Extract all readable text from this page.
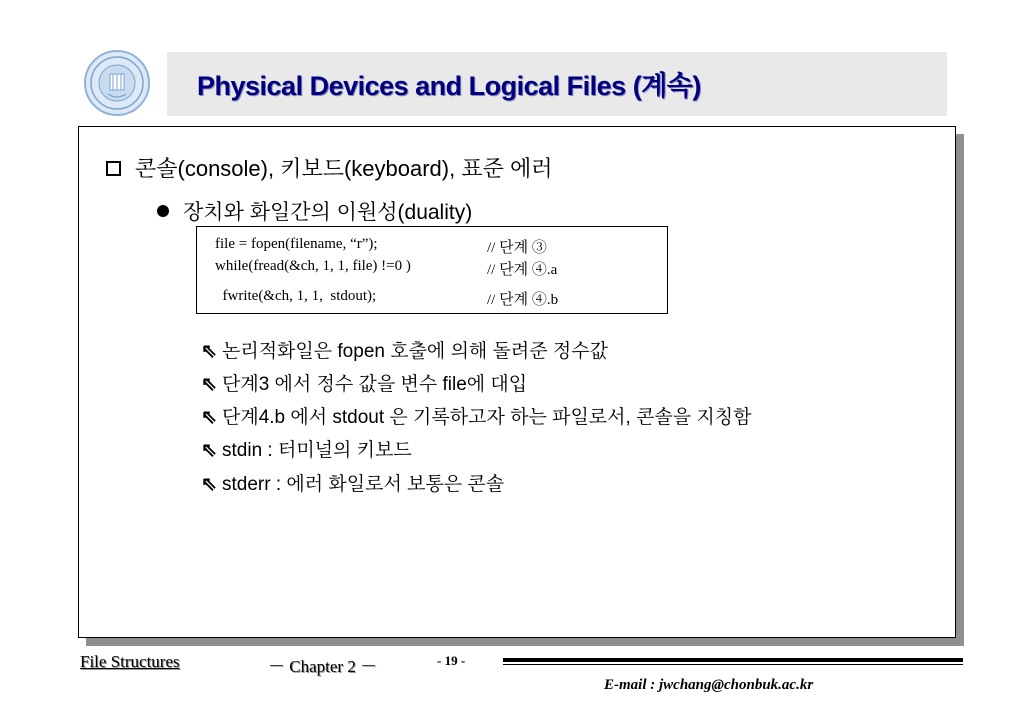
Physical Devices and Logical Files (계속)
콘솔(console), 키보드(keyboard), 표준 에러
장치와 화일간의 이원성(duality)
file = fopen(filename, “r”);	// 단계 ③
while(fread(&ch, 1, 1, file) !=0 )	// 단계 ④.a
fwrite(&ch, 1, 1,  stdout);	// 단계 ④.b
⇖ 논리적화일은 fopen 호출에 의해 돌려준 정수값
⇖ 단계3 에서 정수 값을 변수 file에 대입
⇖ 단계4.b 에서 stdout 은 기록하고자 하는 파일로서, 콘솔을 지칭함
⇖ stdin : 터미널의 키보드
⇖ stderr : 에러 화일로서 보통은 콘솔
File Structures	－ Chapter 2 －	- 19 -
E-mail : jwchang@chonbuk.ac.kr
